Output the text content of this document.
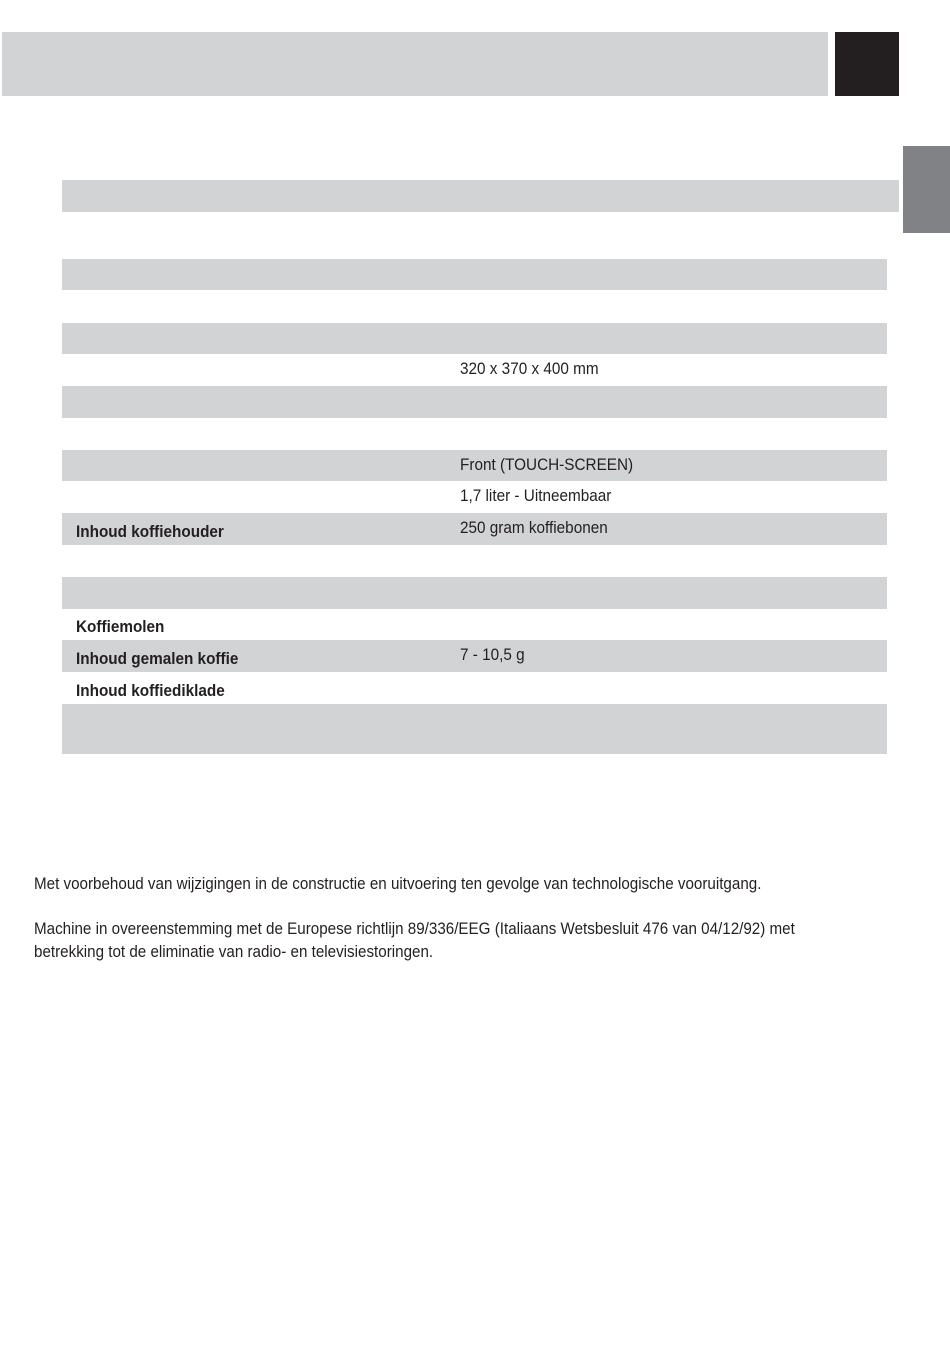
320 x 370 x 400 mm
Front (TOUCH-SCREEN)
1,7 liter - Uitneembaar
Inhoud koffiehouder	250 gram koffiebonen
Koffiemolen
Inhoud gemalen koffie	7 - 10,5 g
Inhoud koffiediklade

Met voorbehoud van wijzigingen in de constructie en uitvoering ten gevolge van technologische vooruitgang.

Machine in overeenstemming met de Europese richtlijn 89/336/EEG (Italiaans Wetsbesluit 476 van 04/12/92) met betrekking tot de eliminatie van radio- en televisiestoringen.
